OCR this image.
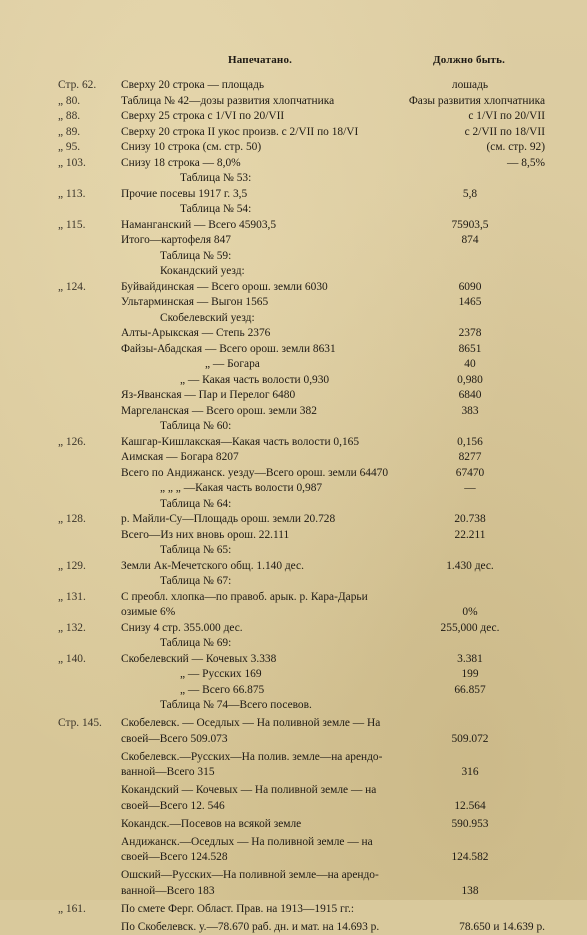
Напечатано.	Должно быть.
Стр. 62.	Сверху 20 строка — площадь	лошадь
„ 80.	Таблица № 42—дозы развития хлопчатника	Фазы развития хлопчатника
„ 88.	Сверху 25 строка с 1/VI по 20/VII	с 1/VI по 20/VII
„ 89.	Сверху 20 строка II укос произв. с 2/VII по 18/VI	с 2/VII по 18/VII
„ 95.	Снизу 10 строка (см. стр. 50)	(см. стр. 92)
„ 103.	Снизу 18 строка — 8,0%	— 8,5%
Таблица № 53:
„ 113.	Прочие посевы 1917 г. 3,5	5,8
Таблица № 54:
„ 115.	Наманганский — Всего 45903,5	75903,5
Итого—картофеля 847	874
Таблица № 59:
Кокандский уезд:
„ 124.	Буйвайдинская — Всего орош. земли 6030	6090
Ультарминская — Выгон 1565	1465
Скобелевский уезд:
Алты-Арыкская — Степь 2376	2378
Файзы-Абадская — Всего орош. земли 8631	8651
„ — Богара	40
„ — Какая часть волости 0,930	0,980
Яз-Яванская — Пар и Перелог 6480	6840
Маргеланская — Всего орош. земли 382	383
Таблица № 60:
„ 126.	Кашгар-Кишлакская—Какая часть волости 0,165	0,156
Аимская — Богара 8207	8277
Всего по Андижанск. уезду—Всего орош. земли 64470	67470
„ „ „ —Какая часть волости 0,987	—
Таблица № 64:
„ 128.	р. Майли-Су—Площадь орош. земли 20.728	20.738
Всего—Из них вновь орош. 22.111	22.211
Таблица № 65:
„ 129.	Земли Ак-Мечетского общ. 1.140 дес.	1.430 дес.
Таблица № 67:
„ 131.	С преобл. хлопка—по правоб. арык. р. Кара-Дарьи
озимые 6%	0%
„ 132.	Снизу 4 стр. 355.000 дес.	255,000 дес.
Таблица № 69:
„ 140.	Скобелевский — Кочевых 3.338	3.381
„ — Русских 169	199
„ — Всего 66.875	66.857
Таблица № 74—Всего посевов.
Стр. 145.	Скобелевск. — Оседлых — На поливной земле — На
своей—Всего 509.073	509.072
Скобелевск.—Русских—На полив. земле—на арендо-
ванной—Всего 315	316
Кокандский — Кочевых — На поливной земле — на
своей—Всего 12. 546	12.564
Кокандск.—Посевов на всякой земле	590.953
Андижанск.—Оседлых — На поливной земле — на
своей—Всего 124.528	124.582
Ошский—Русских—На поливной земле—на арендо-
ванной—Всего 183	138
„ 161.	По смете Ферг. Област. Прав. на 1913—1915 гг.:
По Скобелевск. у.—78.670 раб. дн. и мат. на 14.693 р.	78.650 и 14.639 р.
